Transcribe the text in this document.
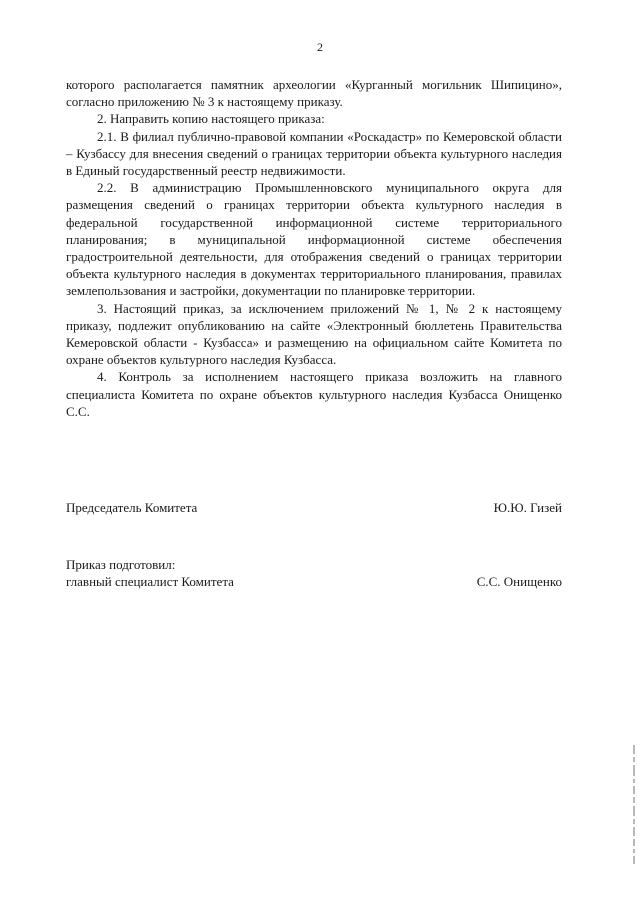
2

которого располагается памятник археологии «Курганный могильник Шипицино», согласно приложению № 3 к настоящему приказу.

2. Направить копию настоящего приказа:

2.1. В филиал публично-правовой компании «Роскадастр» по Кемеровской области – Кузбассу для внесения сведений о границах территории объекта культурного наследия в Единый государственный реестр недвижимости.

2.2. В администрацию Промышленновского муниципального округа для размещения сведений о границах территории объекта культурного наследия в федеральной государственной информационной системе территориального планирования; в муниципальной информационной системе обеспечения градостроительной деятельности, для отображения сведений о границах территории объекта культурного наследия в документах территориального планирования, правилах землепользования и застройки, документации по планировке территории.

3. Настоящий приказ, за исключением приложений № 1, № 2 к настоящему приказу, подлежит опубликованию на сайте «Электронный бюллетень Правительства Кемеровской области - Кузбасса» и размещению на официальном сайте Комитета по охране объектов культурного наследия Кузбасса.

4. Контроль за исполнением настоящего приказа возложить на главного специалиста Комитета по охране объектов культурного наследия Кузбасса Онищенко С.С.

Председатель Комитета	Ю.Ю. Гизей
Приказ подготовил:
главный специалист Комитета	С.С. Онищенко
